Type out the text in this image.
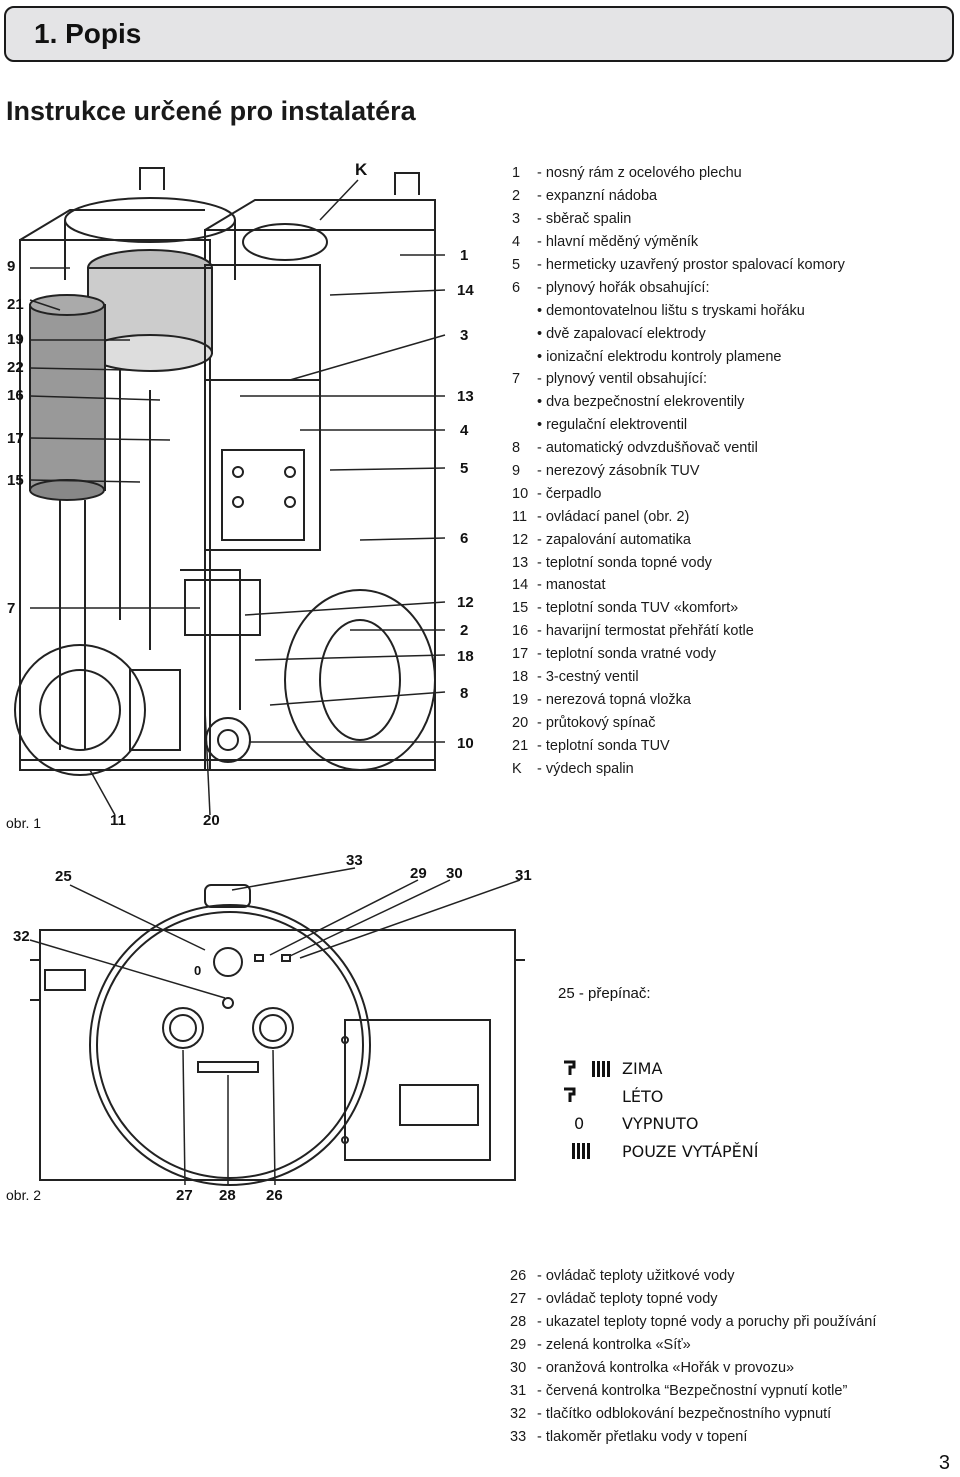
1. Popis
Instrukce určené pro instalatéra
9
21
19
22
16
17
15
7
1
14
3
13
4
5
6
12
2
18
8
10
K
11	20
obr. 1
1	- nosný rám z ocelového plechu
2	- expanzní nádoba
3	- sběrač spalin
4	- hlavní měděný výměník
5	- hermeticky uzavřený prostor spalovací komory
6	- plynový hořák obsahující:
• demontovatelnou lištu s tryskami hořáku
• dvě zapalovací elektrody
• ionizační elektrodu kontroly plamene
7	- plynový ventil obsahující:
• dva bezpečnostní elekroventily
• regulační elektroventil
8	- automatický odvzdušňovač ventil
9	- nerezový zásobník TUV
10 - čerpadlo
11 - ovládací panel (obr. 2)
12 - zapalování automatika
13 - teplotní sonda topné vody
14 - manostat
15 - teplotní sonda TUV «komfort»
16 - havarijní termostat přehřátí kotle
17 - teplotní sonda vratné vody
18 - 3-cestný ventil
19 - nerezová topná vložka
20 - průtokový spínač
21 - teplotní sonda TUV
K	- výdech spalin
33
25	29 30	31
32
27 28 26
0
obr. 2
25 - přepínač:
ZIMA
LÉTO
0 VYPNUTO
POUZE VYTÁPĚNÍ
26 - ovládač teploty užitkové vody
27 - ovládač teploty topné vody
28 - ukazatel teploty topné vody a poruchy při používání
29 - zelená kontrolka «Síť»
30 - oranžová kontrolka «Hořák v provozu»
31 - červená kontrolka “Bezpečnostní vypnutí kotle”
32 - tlačítko odblokování bezpečnostního vypnutí
33 - tlakoměr přetlaku vody v topení
3
